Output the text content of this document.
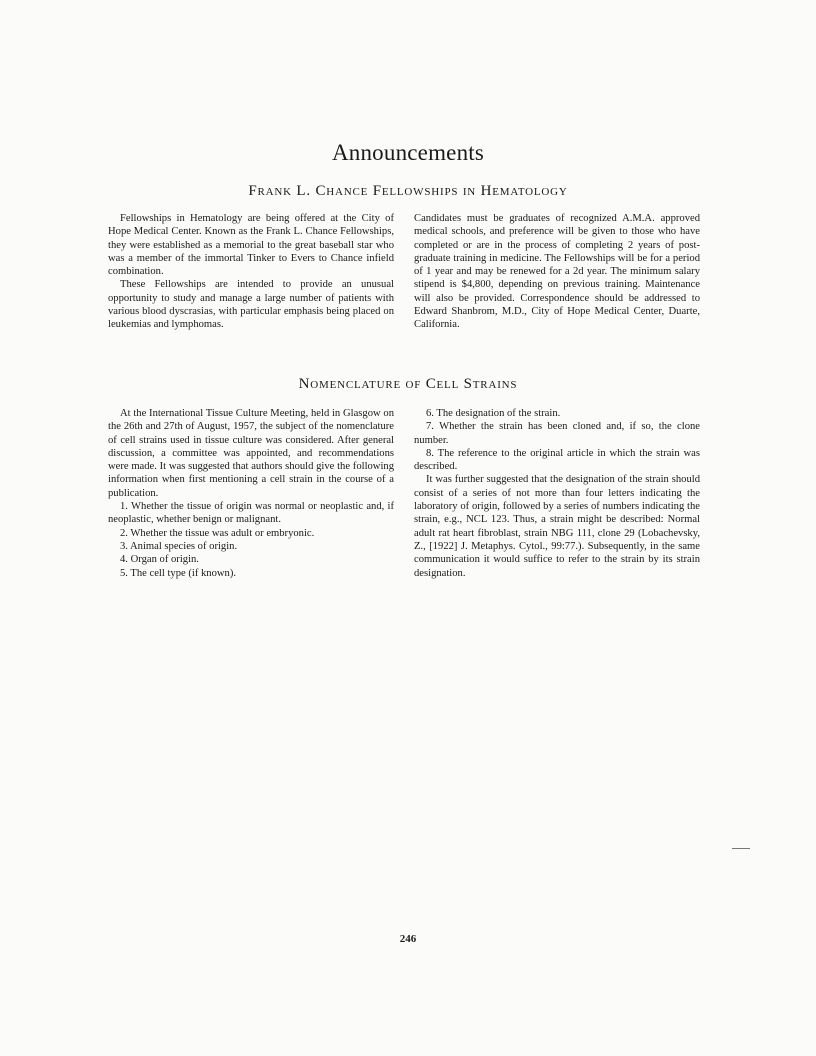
Announcements
Frank L. Chance Fellowships in Hematology

Fellowships in Hematology are being offered at the City of Hope Medical Center. Known as the Frank L. Chance Fellowships, they were established as a memorial to the great baseball star who was a member of the immortal Tinker to Evers to Chance infield combination.

These Fellowships are intended to provide an unusual opportunity to study and manage a large number of patients with various blood dyscrasias, with particular emphasis being placed on leukemias and lymphomas.

Candidates must be graduates of recognized A.M.A. approved medical schools, and preference will be given to those who have completed or are in the process of completing 2 years of post-graduate training in medicine. The Fellowships will be for a period of 1 year and may be renewed for a 2d year. The minimum salary stipend is $4,800, depending on previous training. Maintenance will also be provided. Correspondence should be addressed to Edward Shanbrom, M.D., City of Hope Medical Center, Duarte, California.

Nomenclature of Cell Strains

At the International Tissue Culture Meeting, held in Glasgow on the 26th and 27th of August, 1957, the subject of the nomenclature of cell strains used in tissue culture was considered. After general discussion, a committee was appointed, and recommendations were made. It was suggested that authors should give the following information when first mentioning a cell strain in the course of a publication.

1. Whether the tissue of origin was normal or neoplastic and, if neoplastic, whether benign or malignant.

2. Whether the tissue was adult or embryonic.

3. Animal species of origin.

4. Organ of origin.

5. The cell type (if known).

6. The designation of the strain.

7. Whether the strain has been cloned and, if so, the clone number.

8. The reference to the original article in which the strain was described.

It was further suggested that the designation of the strain should consist of a series of not more than four letters indicating the laboratory of origin, followed by a series of numbers indicating the strain, e.g., NCL 123. Thus, a strain might be described: Normal adult rat heart fibroblast, strain NBG 111, clone 29 (Lobachevsky, Z., [1922] J. Metaphys. Cytol., 99:77.). Subsequently, in the same communication it would suffice to refer to the strain by its strain designation.

246
